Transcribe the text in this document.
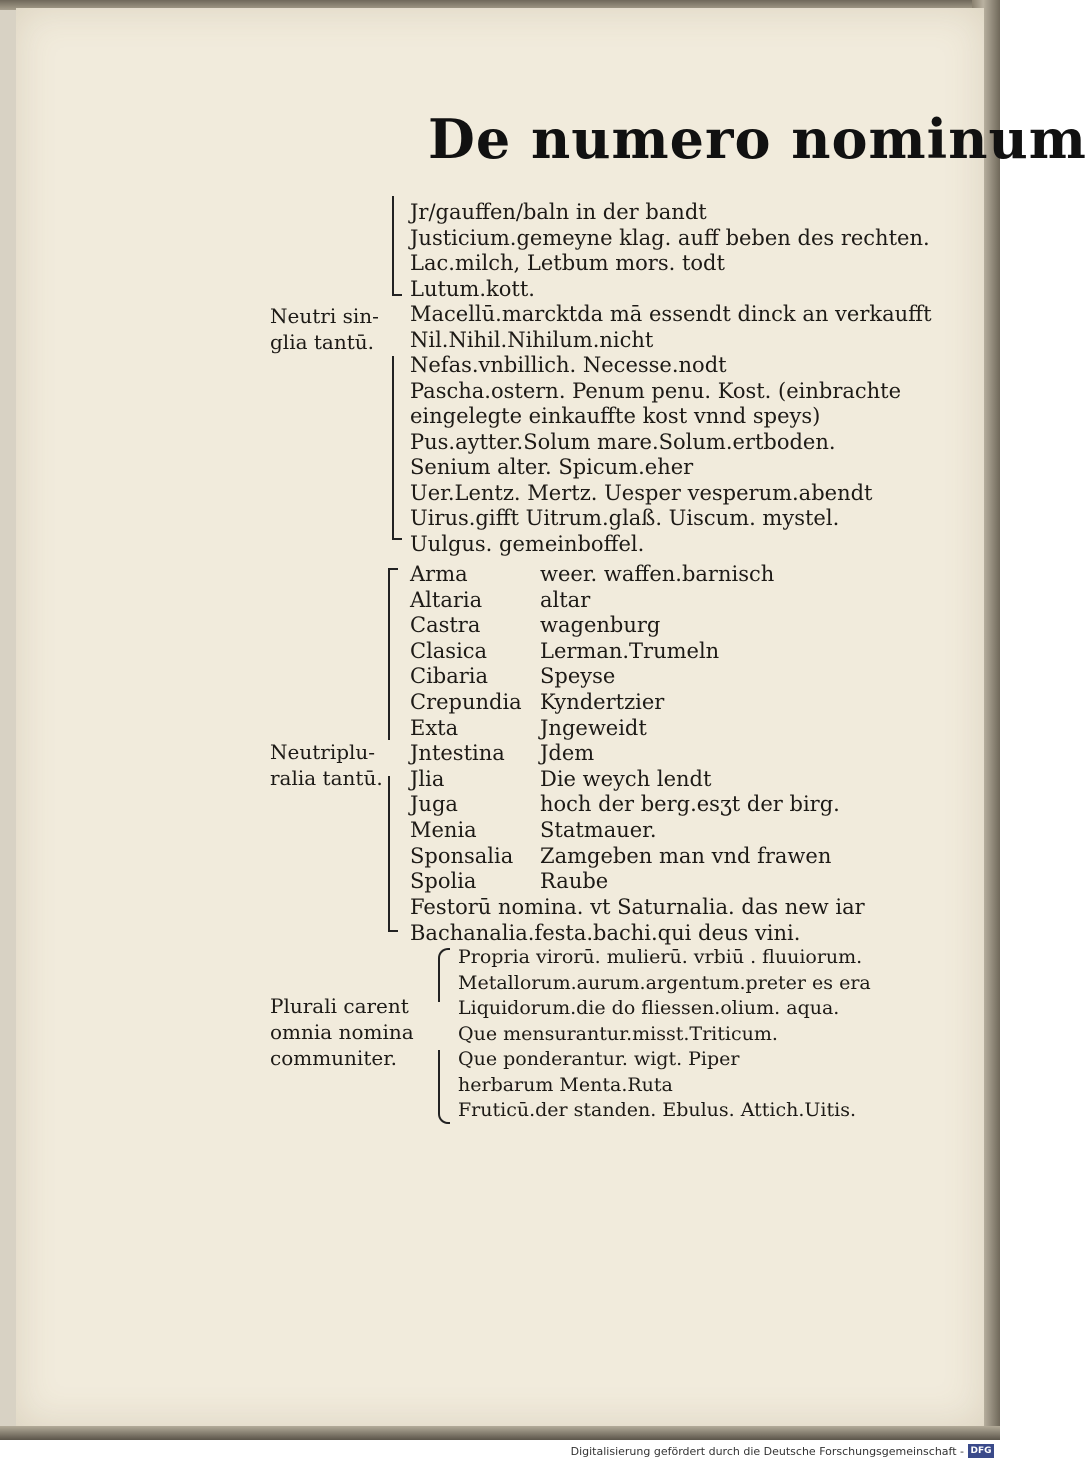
De numero nominum
Neutri sin-
glia tantū.
Jr/gauffen/baln in der bandt
Justicium.gemeyne klag. auff beben des rechten.
Lac.milch, Letbum mors. todt
Lutum.kott.
Macellū.marcktda mā essendt dinck an verkaufft
Nil.Nihil.Nihilum.nicht
Nefas.vnbillich. Necesse.nodt
Pascha.ostern. Penum penu. Kost. (einbrachte
eingelegte einkauffte kost vnnd speys)
Pus.aytter.Solum mare.Solum.ertboden.
Senium alter. Spicum.eher
Uer.Lentz. Mertz. Uesper vesperum.abendt
Uirus.gifft Uitrum.glaß. Uiscum. mystel.
Uulgus. gemeinboffel.
Neutriplu-
ralia tantū.
Arma	weer. waffen.barnisch
Altaria	altar
Castra	wagenburg
Clasica	Lerman.Trumeln
Cibaria Speyse
Crepundia Kyndertzier
Exta	Jngeweidt
Jntestina Jdem
Jlia	Die weych lendt
Juga	hoch der berg.esʒt der birg.
Menia	Statmauer.
Sponsalia Zamgeben man vnd frawen
Spolia	Raube
Festorū nomina. vt Saturnalia. das new iar
Bachanalia.festa.bachi.qui deus vini.
Plurali carent
omnia nomina
communiter.
Propria virorū. mulierū. vrbiū . fluuiorum.
Metallorum.aurum.argentum.preter es era
Liquidorum.die do fliessen.olium. aqua.
Que mensurantur.misst.Triticum.
Que ponderantur. wigt. Piper
herbarum Menta.Ruta
Fruticū.der standen. Ebulus. Attich.Uitis.
Digitalisierung gefördert durch die Deutsche Forschungsgemeinschaft - DFG
